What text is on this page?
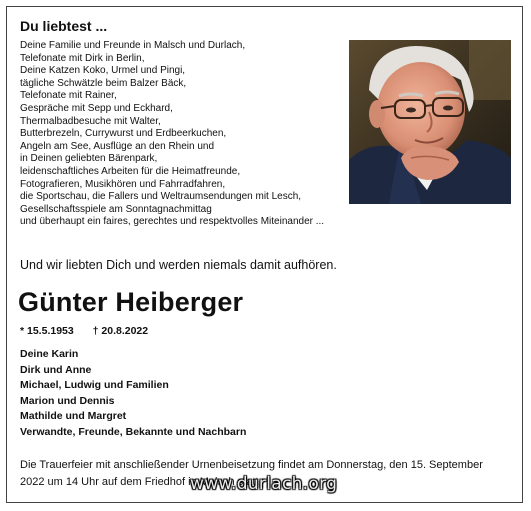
Du liebtest ...
Deine Familie und Freunde in Malsch und Durlach,
Telefonate mit Dirk in Berlin,
Deine Katzen Koko, Urmel und Pingi,
tägliche Schwätzle beim Balzer Bäck,
Telefonate mit Rainer,
Gespräche mit Sepp und Eckhard,
Thermalbadbesuche mit Walter,
Butterbrezeln, Currywurst und Erdbeerkuchen,
Angeln am See, Ausflüge an den Rhein und
in Deinen geliebten Bärenpark,
leidenschaftliches Arbeiten für die Heimatfreunde,
Fotografieren, Musikhören und Fahrradfahren,
die Sportschau, die Fallers und Weltraumsendungen mit Lesch,
Gesellschaftsspiele am Sonntagnachmittag
und überhaupt ein faires, gerechtes und respektvolles Miteinander ...
Und wir liebten Dich und werden niemals damit aufhören.
Günter Heiberger
* 15.5.1953 † 20.8.2022
Deine Karin
Dirk und Anne
Michael, Ludwig und Familien
Marion und Dennis
Mathilde und Margret
Verwandte, Freunde, Bekannte und Nachbarn
Die Trauerfeier mit anschließender Urnenbeisetzung findet am Donnerstag, den 15. September 2022 um 14 Uhr auf dem Friedhof in Malsch statt.
www.durlach.org
